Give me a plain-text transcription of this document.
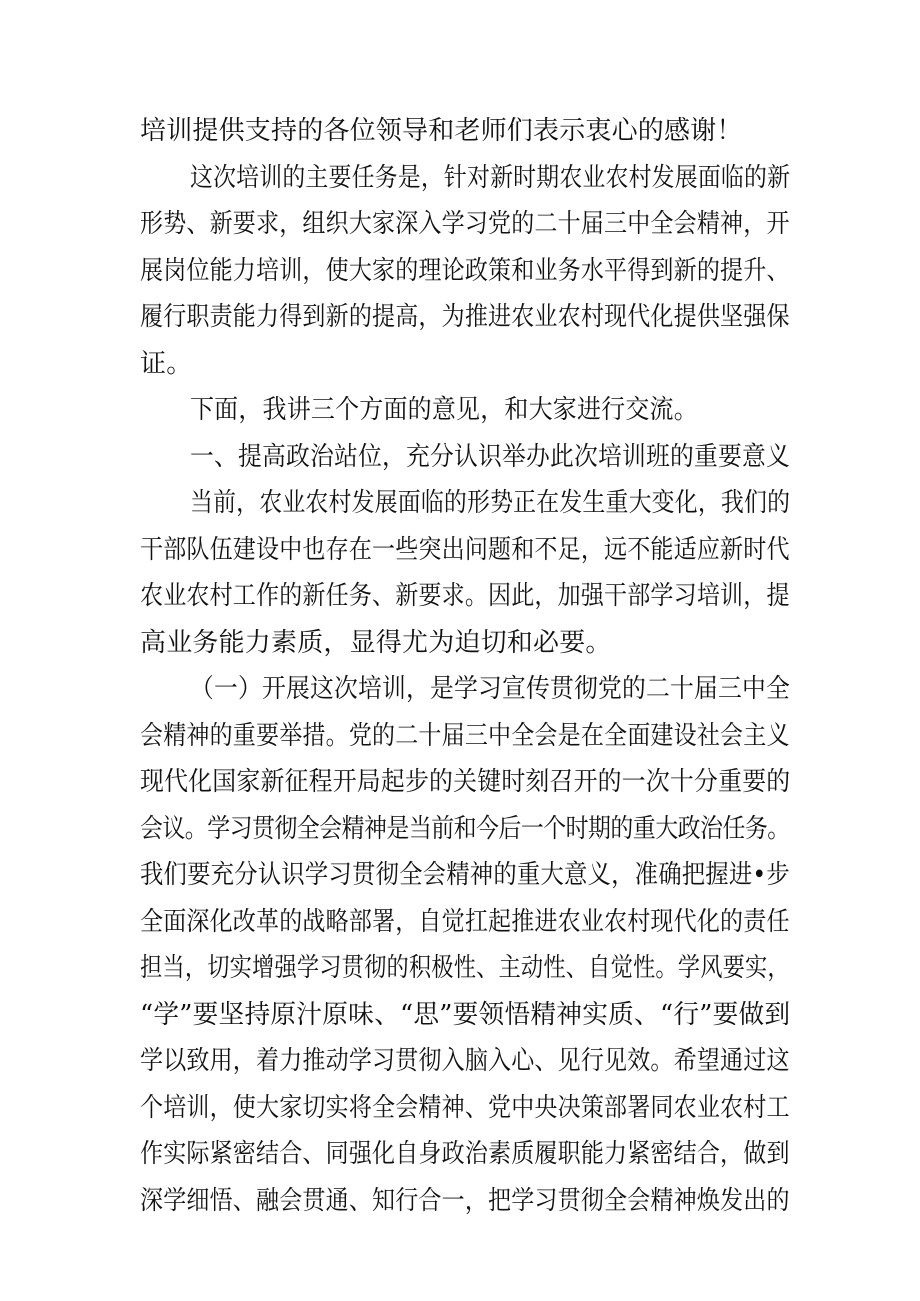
培训提供支持的各位领导和老师们表示衷心的感谢！
这次培训的主要任务是，针对新时期农业农村发展面临的新
形势、新要求，组织大家深入学习党的二十届三中全会精神，开
展岗位能力培训，使大家的理论政策和业务水平得到新的提升、
履行职责能力得到新的提高，为推进农业农村现代化提供坚强保
证。
下面，我讲三个方面的意见，和大家进行交流。
一、提高政治站位，充分认识举办此次培训班的重要意义
当前，农业农村发展面临的形势正在发生重大变化，我们的
干部队伍建设中也存在一些突出问题和不足，远不能适应新时代
农业农村工作的新任务、新要求。因此，加强干部学习培训，提
高业务能力素质，显得尤为迫切和必要。
（一）开展这次培训，是学习宣传贯彻党的二十届三中全
会精神的重要举措。党的二十届三中全会是在全面建设社会主义
现代化国家新征程开局起步的关键时刻召开的一次十分重要的
会议。学习贯彻全会精神是当前和今后一个时期的重大政治任务。
我们要充分认识学习贯彻全会精神的重大意义，准确把握进•步
全面深化改革的战略部署，自觉扛起推进农业农村现代化的责任
担当，切实增强学习贯彻的积极性、主动性、自觉性。学风要实，
“学”要坚持原汁原味、“思”要领悟精神实质、“行”要做到
学以致用，着力推动学习贯彻入脑入心、见行见效。希望通过这
个培训，使大家切实将全会精神、党中央决策部署同农业农村工
作实际紧密结合、同强化自身政治素质履职能力紧密结合，做到
深学细悟、融会贯通、知行合一，把学习贯彻全会精神焕发出的
